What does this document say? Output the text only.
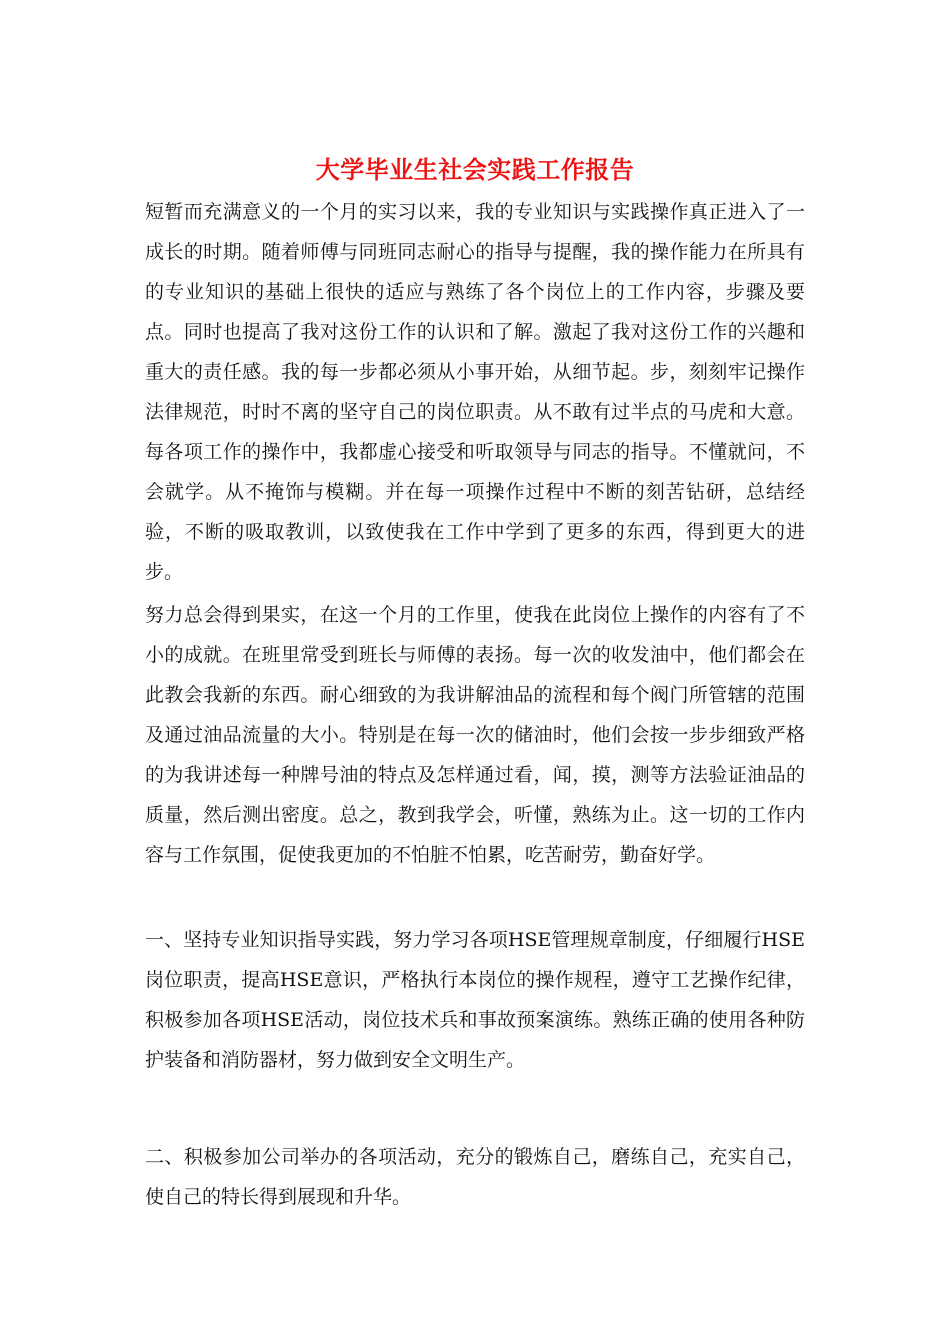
大学毕业生社会实践工作报告

短暂而充满意义的一个月的实习以来，我的专业知识与实践操作真正进入了一成长的时期。随着师傅与同班同志耐心的指导与提醒，我的操作能力在所具有的专业知识的基础上很快的适应与熟练了各个岗位上的工作内容，步骤及要点。同时也提高了我对这份工作的认识和了解。激起了我对这份工作的兴趣和重大的责任感。我的每一步都必须从小事开始，从细节起。步，刻刻牢记操作法律规范，时时不离的坚守自己的岗位职责。从不敢有过半点的马虎和大意。每各项工作的操作中，我都虚心接受和听取领导与同志的指导。不懂就问，不会就学。从不掩饰与模糊。并在每一项操作过程中不断的刻苦钻研，总结经验，不断的吸取教训，以致使我在工作中学到了更多的东西，得到更大的进步。

努力总会得到果实，在这一个月的工作里，使我在此岗位上操作的内容有了不小的成就。在班里常受到班长与师傅的表扬。每一次的收发油中，他们都会在此教会我新的东西。耐心细致的为我讲解油品的流程和每个阀门所管辖的范围及通过油品流量的大小。特别是在每一次的储油时，他们会按一步步细致严格的为我讲述每一种牌号油的特点及怎样通过看，闻，摸，测等方法验证油品的质量，然后测出密度。总之，教到我学会，听懂，熟练为止。这一切的工作内容与工作氛围，促使我更加的不怕脏不怕累，吃苦耐劳，勤奋好学。

一、坚持专业知识指导实践，努力学习各项HSE管理规章制度，仔细履行HSE岗位职责，提高HSE意识，严格执行本岗位的操作规程，遵守工艺操作纪律，积极参加各项HSE活动，岗位技术兵和事故预案演练。熟练正确的使用各种防护装备和消防器材，努力做到安全文明生产。

二、积极参加公司举办的各项活动，充分的锻炼自己，磨练自己，充实自己，使自己的特长得到展现和升华。
